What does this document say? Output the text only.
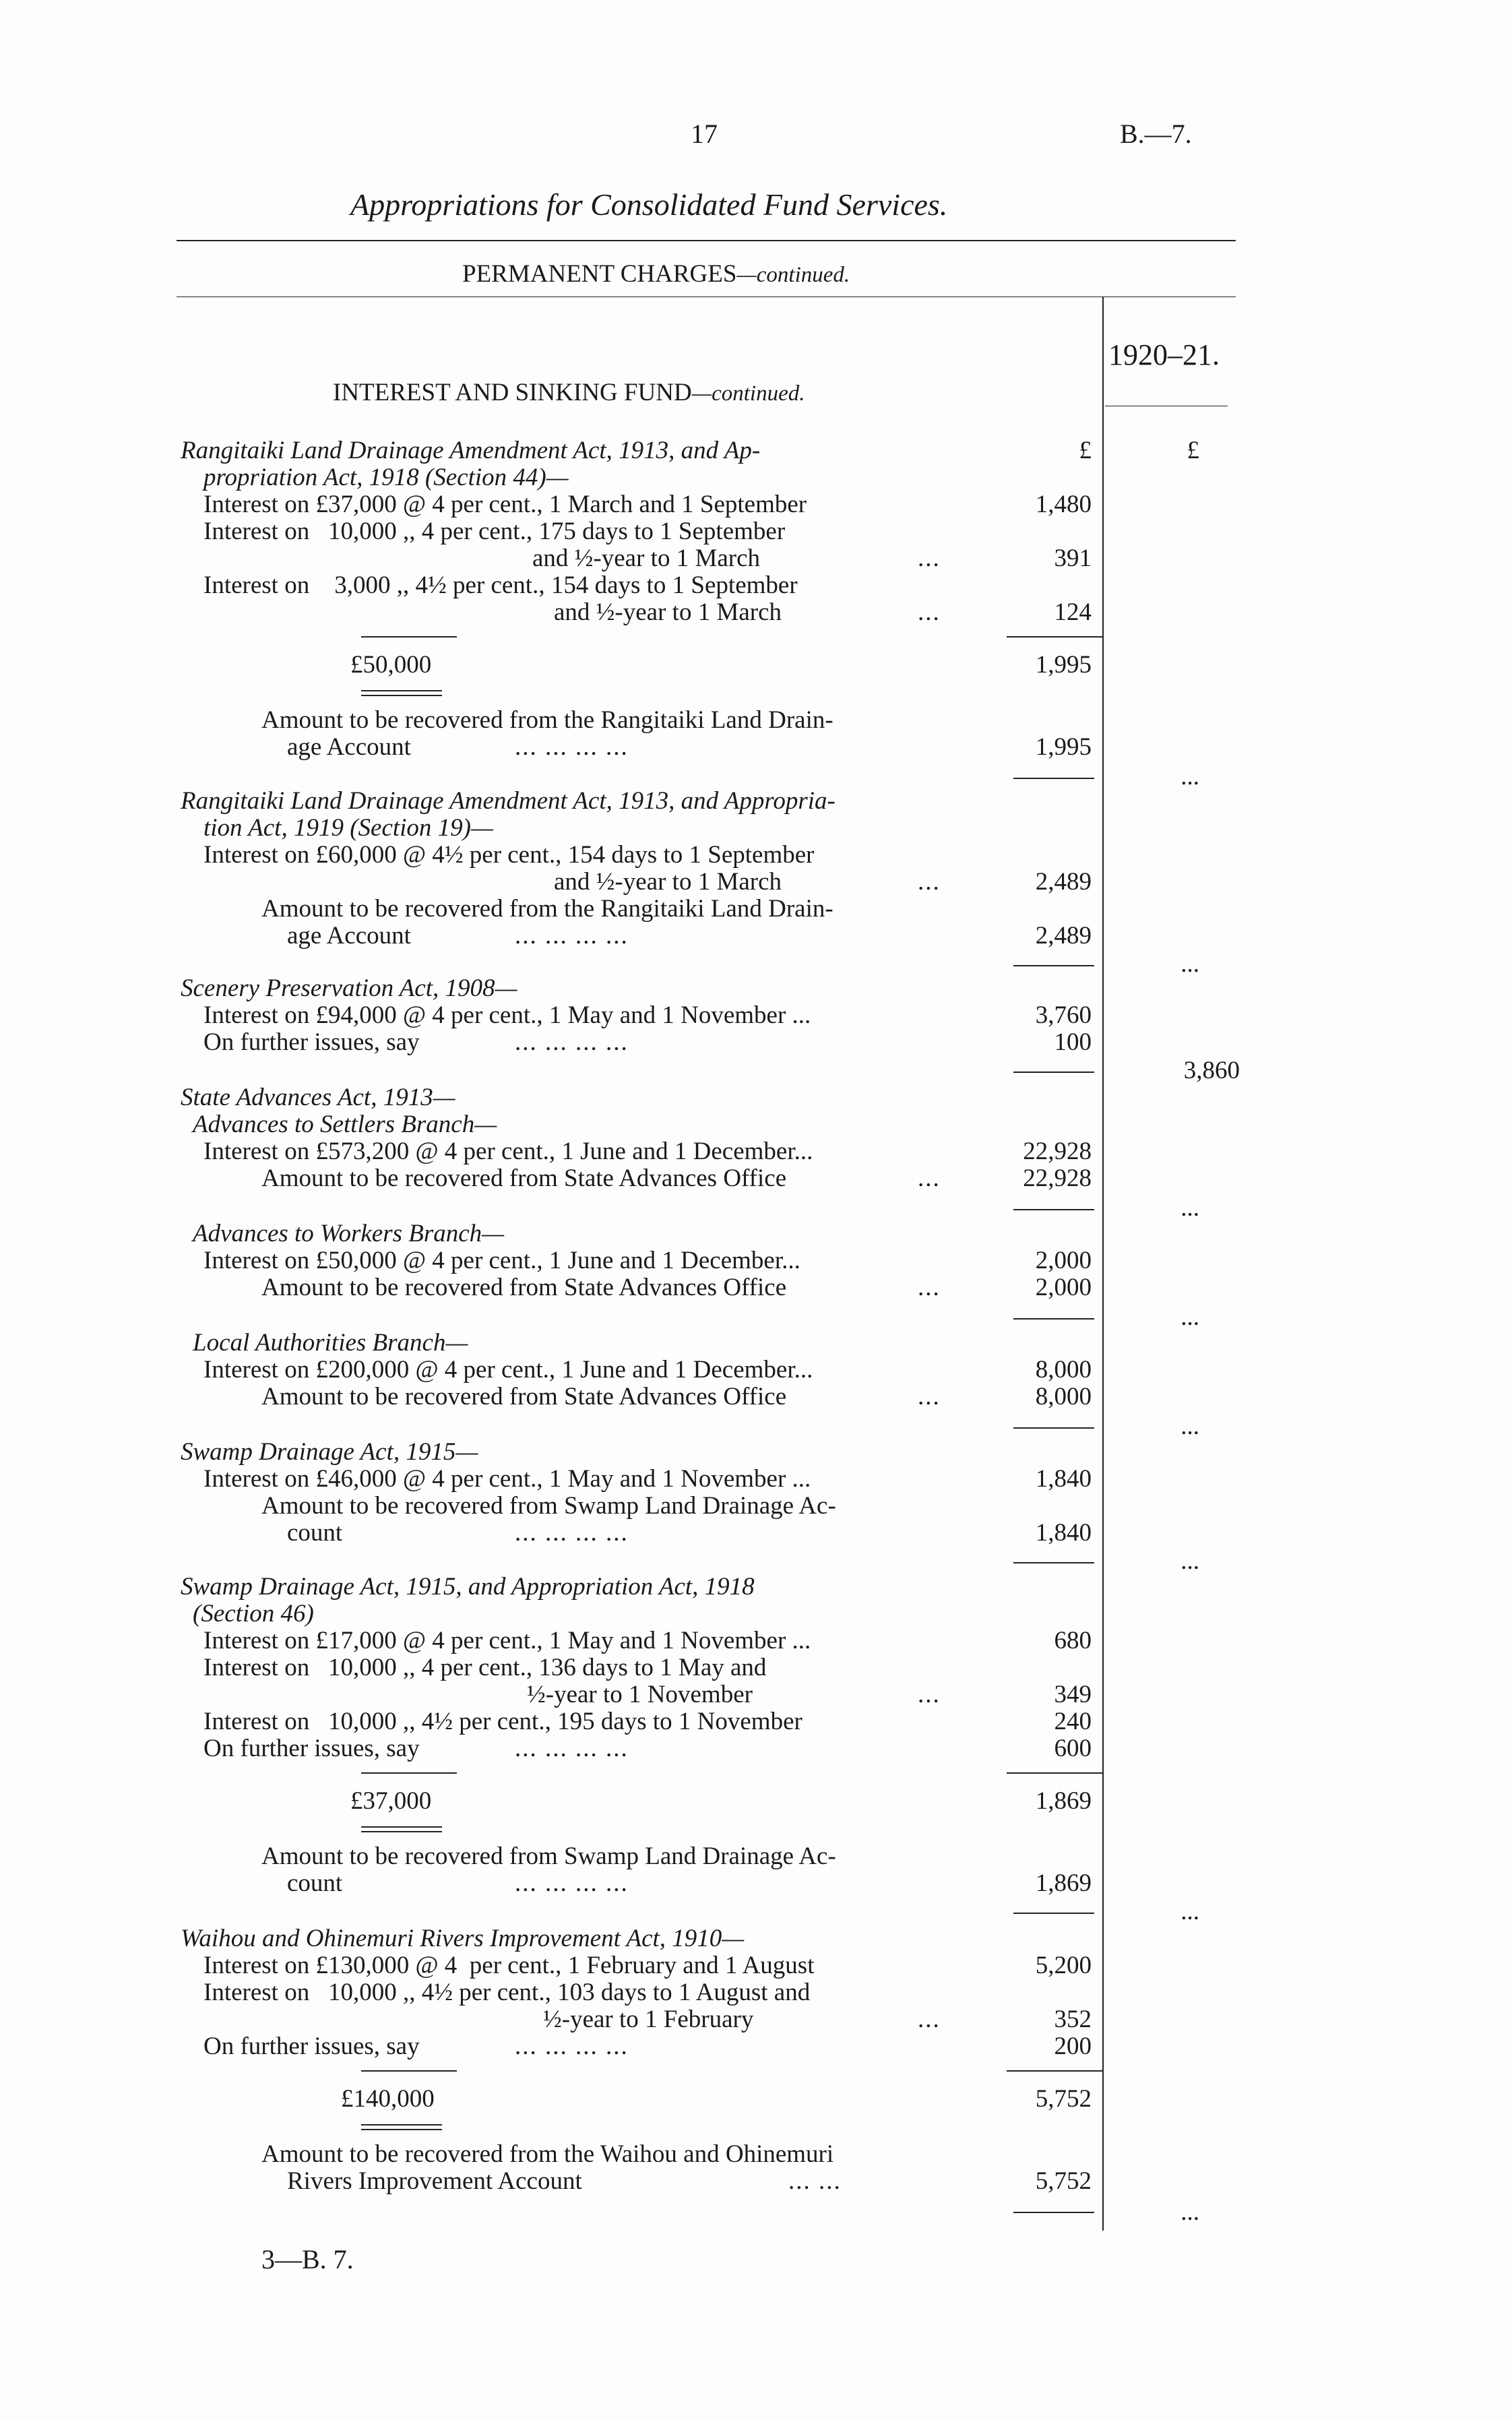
17	B.—7.
Appropriations for Consolidated Fund Services.
PERMANENT CHARGES—continued.
1920–21.
INTEREST AND SINKING FUND—continued.
£	£
Rangitaiki Land Drainage Amendment Act, 1913, and Ap-
propriation Act, 1918 (Section 44)—
Interest on £37,000 @ 4 per cent., 1 March and 1 September	1,480
Interest on   10,000 ,, 4 per cent., 175 days to 1 September
and ½-year to 1 March	...	391
Interest on    3,000 ,, 4½ per cent., 154 days to 1 September
and ½-year to 1 March	...	124
£50,000	1,995
Amount to be recovered from the Rangitaiki Land Drain-
age Account	... ... ... ...	1,995
...
Rangitaiki Land Drainage Amendment Act, 1913, and Appropria-
tion Act, 1919 (Section 19)—
Interest on £60,000 @ 4½ per cent., 154 days to 1 September
and ½-year to 1 March	...	2,489
Amount to be recovered from the Rangitaiki Land Drain-
age Account	... ... ... ...	2,489
...
Scenery Preservation Act, 1908—
Interest on £94,000 @ 4 per cent., 1 May and 1 November ...	3,760
On further issues, say	... ... ... ...	100
3,860
State Advances Act, 1913—
Advances to Settlers Branch—
Interest on £573,200 @ 4 per cent., 1 June and 1 December...	22,928
Amount to be recovered from State Advances Office	...	22,928
...
Advances to Workers Branch—
Interest on £50,000 @ 4 per cent., 1 June and 1 December...	2,000
Amount to be recovered from State Advances Office	...	2,000
...
Local Authorities Branch—
Interest on £200,000 @ 4 per cent., 1 June and 1 December...	8,000
Amount to be recovered from State Advances Office	...	8,000
...
Swamp Drainage Act, 1915—
Interest on £46,000 @ 4 per cent., 1 May and 1 November ...	1,840
Amount to be recovered from Swamp Land Drainage Ac-
count	... ... ... ...	1,840
...
Swamp Drainage Act, 1915, and Appropriation Act, 1918
(Section 46)
Interest on £17,000 @ 4 per cent., 1 May and 1 November ...	680
Interest on   10,000 ,, 4 per cent., 136 days to 1 May and
½-year to 1 November	...	349
Interest on   10,000 ,, 4½ per cent., 195 days to 1 November	240
On further issues, say	... ... ... ...	600
£37,000	1,869
Amount to be recovered from Swamp Land Drainage Ac-
count	... ... ... ...	1,869
...
Waihou and Ohinemuri Rivers Improvement Act, 1910—
Interest on £130,000 @ 4  per cent., 1 February and 1 August	5,200
Interest on   10,000 ,, 4½ per cent., 103 days to 1 August and
½-year to 1 February	...	352
On further issues, say	... ... ... ...	200
£140,000	5,752
Amount to be recovered from the Waihou and Ohinemuri
Rivers Improvement Account	... ...	5,752
...
3—B. 7.
